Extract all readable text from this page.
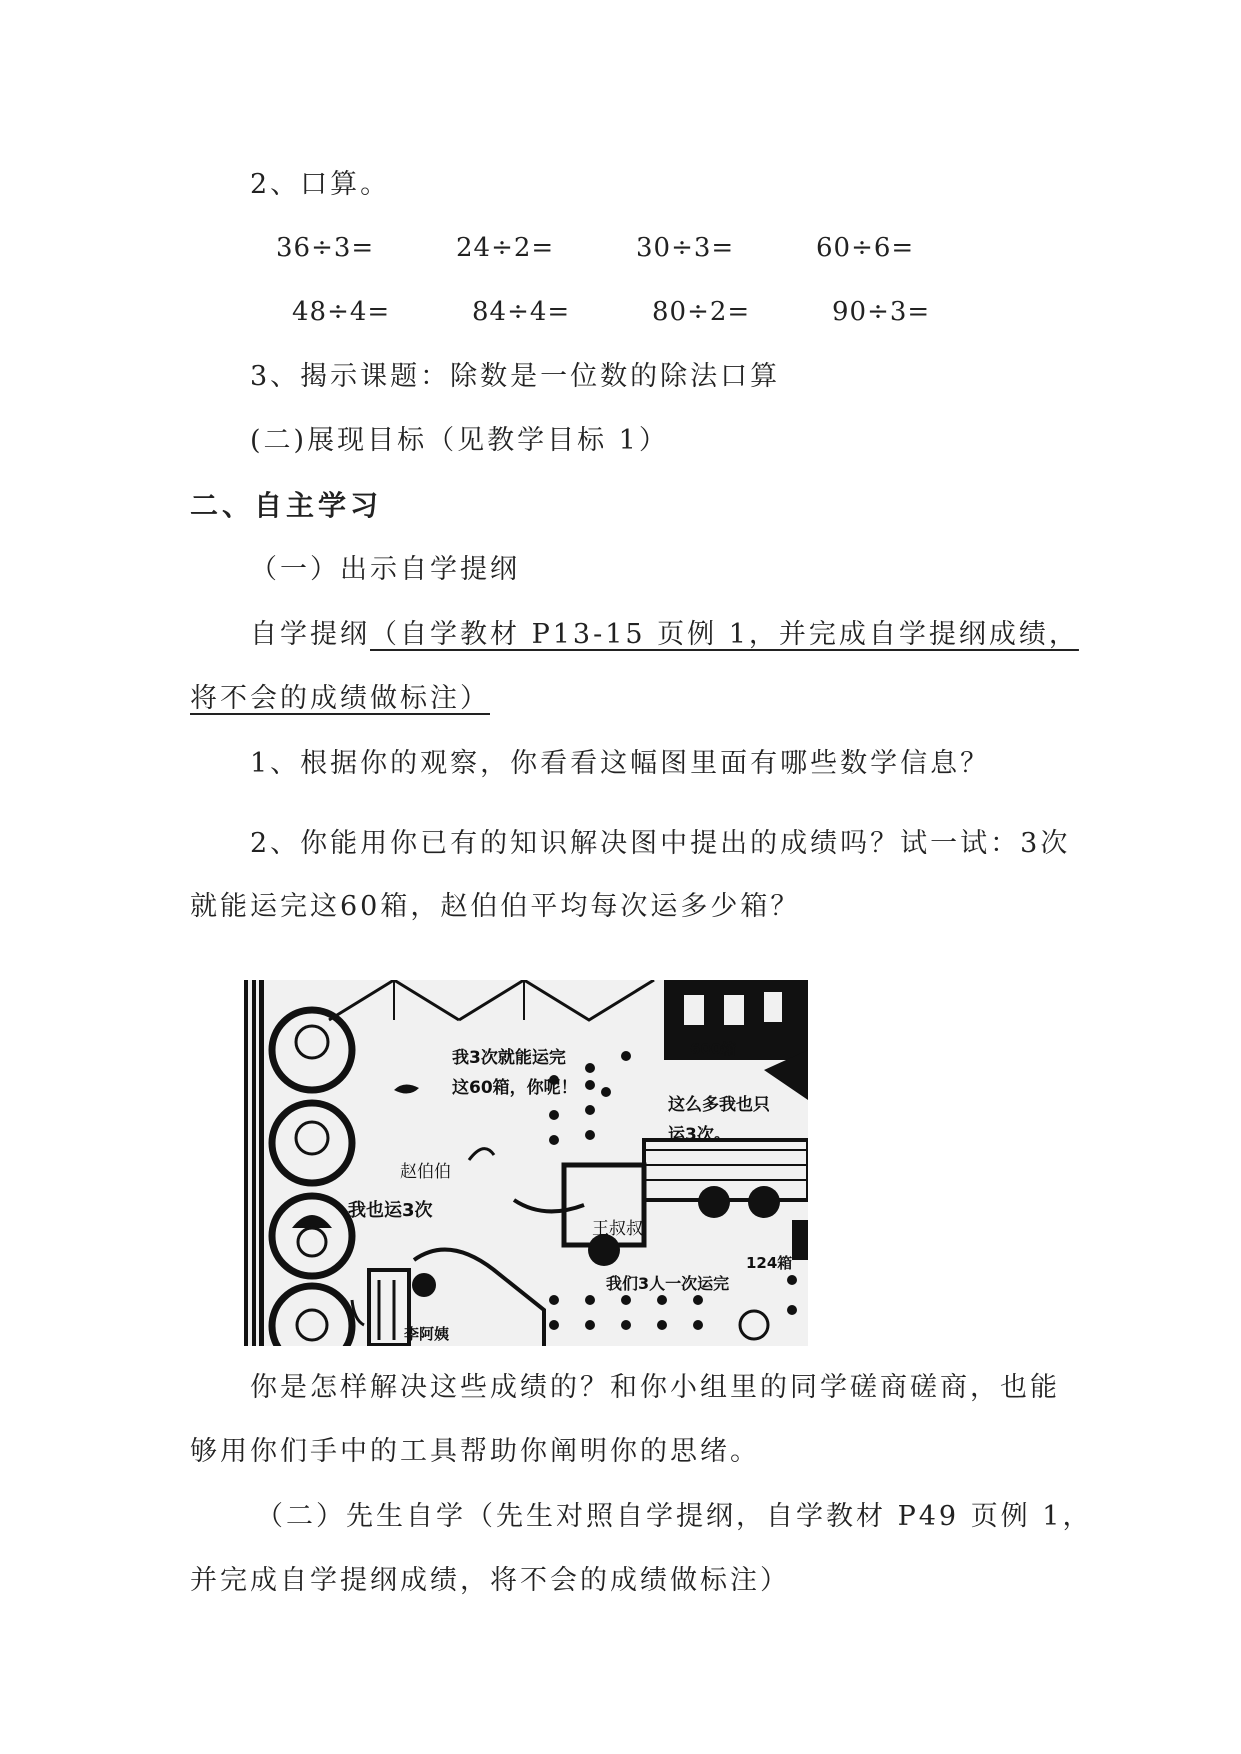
2、口算。
36÷3=	24÷2=	30÷3=	60÷6=
48÷4=	84÷4=	80÷2=	90÷3=
3、揭示课题：除数是一位数的除法口算
(二)展现目标（见教学目标 1）
二、自主学习
（一）出示自学提纲
自学提纲（自学教材 P13-15 页例 1，并完成自学提纲成绩，
将不会的成绩做标注）
1、根据你的观察，你看看这幅图里面有哪些数学信息？
2、你能用你已有的知识解决图中提出的成绩吗？试一试：3次
就能运完这60箱，赵伯伯平均每次运多少箱？
我3次就能运完
这60箱，你呢！
600箱
这么多我也只
运3次。
赵伯伯
我也运3次
王叔叔
124箱
我们3人一次运完
李阿姨
你是怎样解决这些成绩的？和你小组里的同学磋商磋商，也能
够用你们手中的工具帮助你阐明你的思绪。
（二）先生自学（先生对照自学提纲，自学教材 P49 页例 1，
并完成自学提纲成绩，将不会的成绩做标注）
